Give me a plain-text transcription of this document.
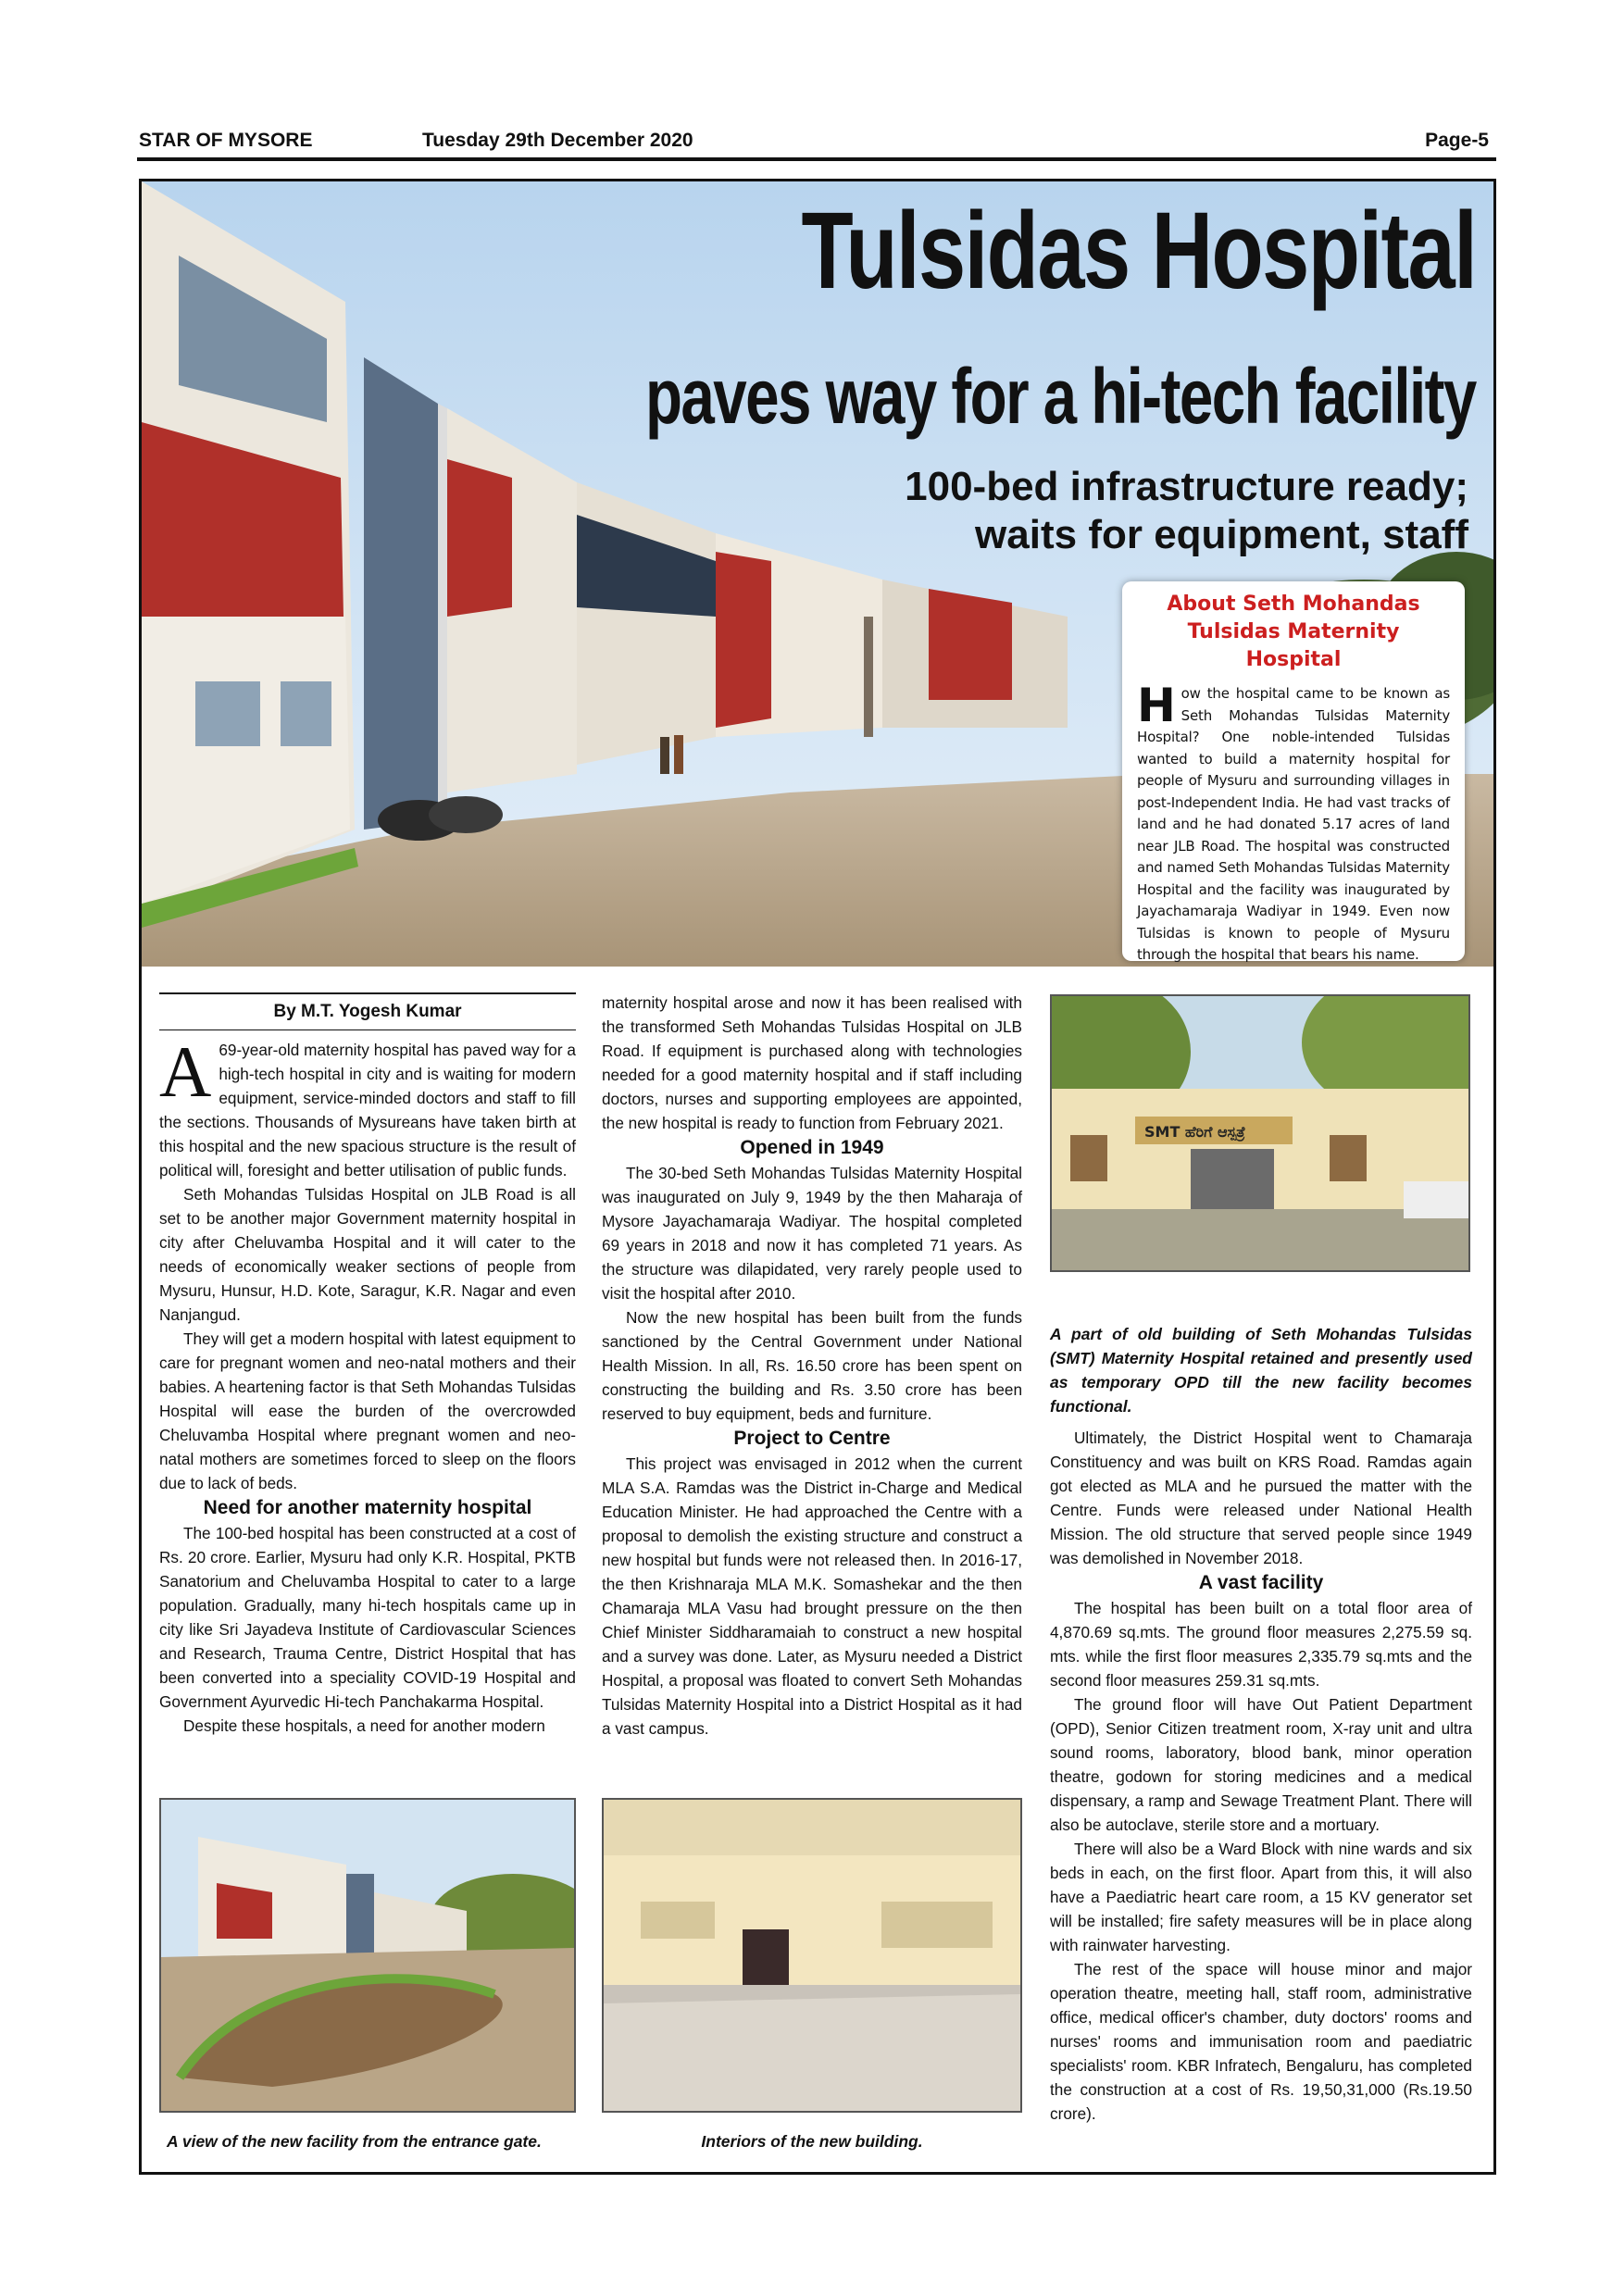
STAR OF MYSORE	Tuesday 29th December 2020	Page-5
Tulsidas Hospital
paves way for a hi-tech facility
100-bed infrastructure ready;
waits for equipment, staff
About Seth Mohandas
Tulsidas Maternity Hospital
How the hospital came to be known as Seth Mohandas Tulsidas Maternity Hospital? One noble-intended Tulsidas wanted to build a maternity hospital for people of Mysuru and surrounding villages in post-Independent India. He had vast tracks of land and he had donated 5.17 acres of land near JLB Road. The hospital was constructed and named Seth Mohandas Tulsidas Maternity Hospital and the facility was inaugurated by Jayachamaraja Wadiyar in 1949. Even now Tulsidas is known to people of Mysuru through the hospital that bears his name.
By M.T. Yogesh Kumar

A 69-year-old maternity hospital has paved way for a high-tech hospital in city and is waiting for modern equipment, service-minded doctors and staff to fill the sections. Thousands of Mysureans have taken birth at this hospital and the new spacious structure is the result of political will, foresight and better utilisation of public funds.

Seth Mohandas Tulsidas Hospital on JLB Road is all set to be another major Government maternity hospital in city after Cheluvamba Hospital and it will cater to the needs of economically weaker sections of people from Mysuru, Hunsur, H.D. Kote, Saragur, K.R. Nagar and even Nanjangud.

They will get a modern hospital with latest equipment to care for pregnant women and neo-natal mothers and their babies. A heartening factor is that Seth Mohandas Tulsidas Hospital will ease the burden of the overcrowded Cheluvamba Hospital where pregnant women and neo-natal mothers are sometimes forced to sleep on the floors due to lack of beds.

Need for another maternity hospital

The 100-bed hospital has been constructed at a cost of Rs. 20 crore. Earlier, Mysuru had only K.R. Hospital, PKTB Sanatorium and Cheluvamba Hospital to cater to a large population. Gradually, many hi-tech hospitals came up in city like Sri Jayadeva Institute of Cardiovascular Sciences and Research, Trauma Centre, District Hospital that has been converted into a speciality COVID-19 Hospital and Government Ayurvedic Hi-tech Panchakarma Hospital.

Despite these hospitals, a need for another modern

maternity hospital arose and now it has been realised with the transformed Seth Mohandas Tulsidas Hospital on JLB Road. If equipment is purchased along with technologies needed for a good maternity hospital and if staff including doctors, nurses and supporting employees are appointed, the new hospital is ready to function from February 2021.

Opened in 1949

The 30-bed Seth Mohandas Tulsidas Maternity Hospital was inaugurated on July 9, 1949 by the then Maharaja of Mysore Jayachamaraja Wadiyar. The hospital completed 69 years in 2018 and now it has completed 71 years. As the structure was dilapidated, very rarely people used to visit the hospital after 2010.

Now the new hospital has been built from the funds sanctioned by the Central Government under National Health Mission. In all, Rs. 16.50 crore has been spent on constructing the building and Rs. 3.50 crore has been reserved to buy equipment, beds and furniture.

Project to Centre

This project was envisaged in 2012 when the current MLA S.A. Ramdas was the District in-Charge and Medical Education Minister. He had approached the Centre with a proposal to demolish the existing structure and construct a new hospital but funds were not released then. In 2016-17, the then Krishnaraja MLA M.K. Somashekar and the then Chamaraja MLA Vasu had brought pressure on the then Chief Minister Siddharamaiah to construct a new hospital and a survey was done. Later, as Mysuru needed a District Hospital, a proposal was floated to convert Seth Mohandas Tulsidas Maternity Hospital into a District Hospital as it had a vast campus.

SMT ಹೆರಿಗೆ ಆಸ್ಪತ್ರೆ
A part of old building of Seth Mohandas Tulsidas (SMT) Maternity Hospital retained and presently used as temporary OPD till the new facility becomes functional.

Ultimately, the District Hospital went to Chamaraja Constituency and was built on KRS Road. Ramdas again got elected as MLA and he pursued the matter with the Centre. Funds were released under National Health Mission. The old structure that served people since 1949 was demolished in November 2018.

A vast facility

The hospital has been built on a total floor area of 4,870.69 sq.mts. The ground floor measures 2,275.59 sq. mts. while the first floor measures 2,335.79 sq.mts and the second floor measures 259.31 sq.mts.

The ground floor will have Out Patient Department (OPD), Senior Citizen treatment room, X-ray unit and ultra sound rooms, laboratory, blood bank, minor operation theatre, godown for storing medicines and a medical dispensary, a ramp and Sewage Treatment Plant. There will also be autoclave, sterile store and a mortuary.

There will also be a Ward Block with nine wards and six beds in each, on the first floor. Apart from this, it will also have a Paediatric heart care room, a 15 KV generator set will be installed; fire safety measures will be in place along with rainwater harvesting.

The rest of the space will house minor and major operation theatre, meeting hall, staff room, administrative office, medical officer's chamber, duty doctors' rooms and nurses' rooms and immunisation room and paediatric specialists' room. KBR Infratech, Bengaluru, has completed the construction at a cost of Rs. 19,50,31,000 (Rs.19.50 crore).

A view of the new facility from the entrance gate.	Interiors of the new building.
